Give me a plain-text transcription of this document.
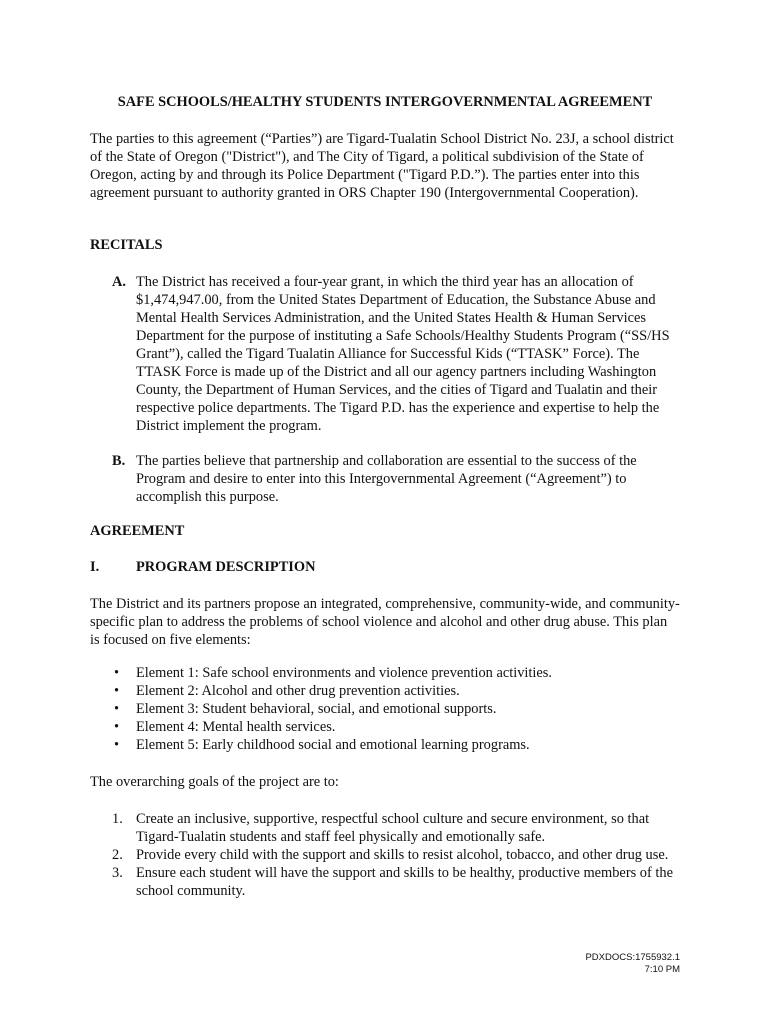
SAFE SCHOOLS/HEALTHY STUDENTS INTERGOVERNMENTAL AGREEMENT
The parties to this agreement (“Parties”) are Tigard-Tualatin School District No. 23J, a school district of the State of Oregon ("District"), and The City of Tigard, a political subdivision of the State of Oregon, acting by and through its Police Department ("Tigard P.D.”). The parties enter into this agreement pursuant to authority granted in ORS Chapter 190 (Intergovernmental Cooperation).
RECITALS
A. The District has received a four-year grant, in which the third year has an allocation of $1,474,947.00, from the United States Department of Education, the Substance Abuse and Mental Health Services Administration, and the United States Health & Human Services Department for the purpose of instituting a Safe Schools/Healthy Students Program (“SS/HS Grant”), called the Tigard Tualatin Alliance for Successful Kids (“TTASK” Force). The TTASK Force is made up of the District and all our agency partners including Washington County, the Department of Human Services, and the cities of Tigard and Tualatin and their respective police departments. The Tigard P.D. has the experience and expertise to help the District implement the program.
B. The parties believe that partnership and collaboration are essential to the success of the Program and desire to enter into this Intergovernmental Agreement (“Agreement”) to accomplish this purpose.
AGREEMENT
I.	PROGRAM DESCRIPTION
The District and its partners propose an integrated, comprehensive, community-wide, and community-specific plan to address the problems of school violence and alcohol and other drug abuse. This plan is focused on five elements:
• Element 1: Safe school environments and violence prevention activities.
• Element 2: Alcohol and other drug prevention activities.
• Element 3: Student behavioral, social, and emotional supports.
• Element 4: Mental health services.
• Element 5: Early childhood social and emotional learning programs.
The overarching goals of the project are to:
1. Create an inclusive, supportive, respectful school culture and secure environment, so that Tigard-Tualatin students and staff feel physically and emotionally safe.
2. Provide every child with the support and skills to resist alcohol, tobacco, and other drug use.
3. Ensure each student will have the support and skills to be healthy, productive members of the school community.
PDXDOCS:1755932.1
7:10 PM
